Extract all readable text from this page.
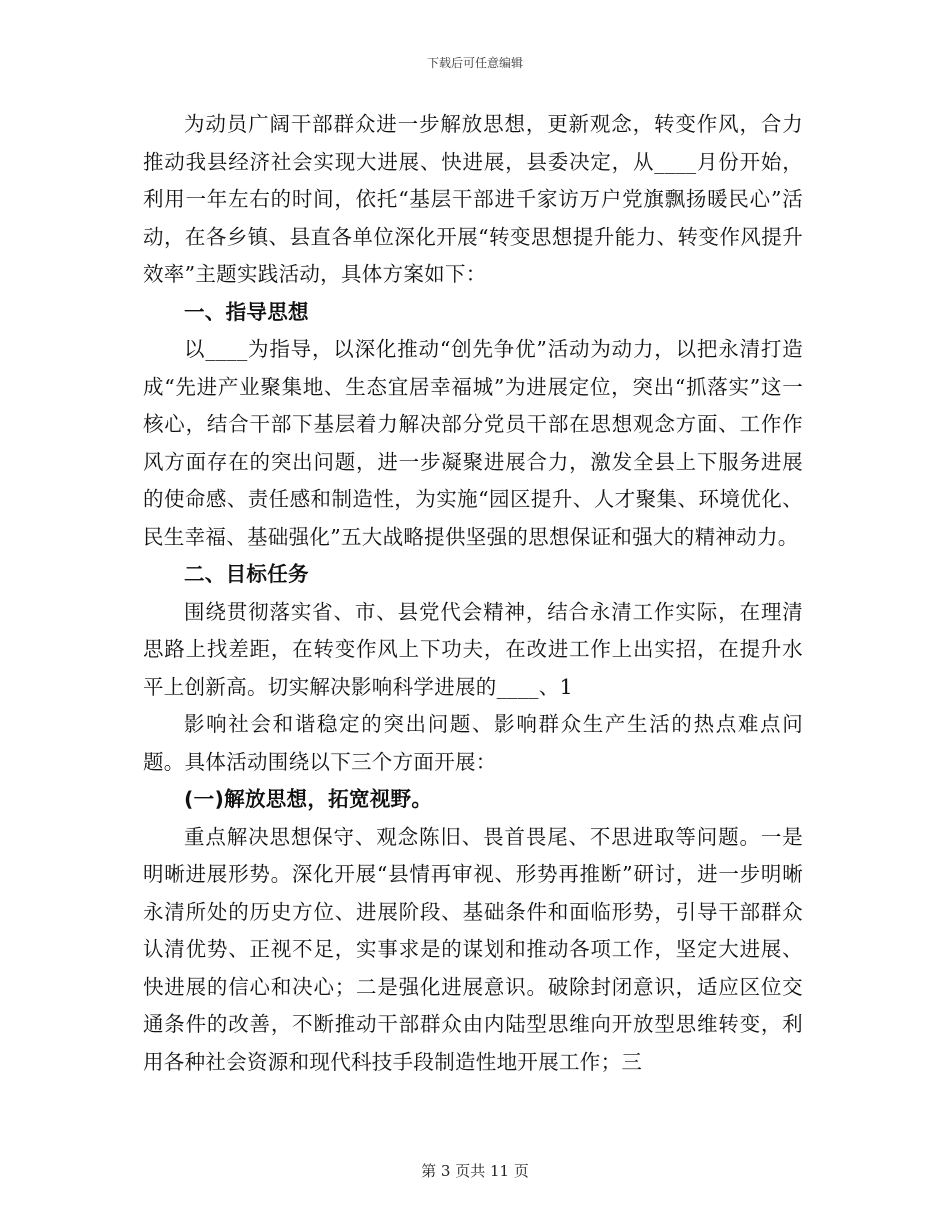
下载后可任意编辑

为动员广阔干部群众进一步解放思想，更新观念，转变作风，合力推动我县经济社会实现大进展、快进展，县委决定，从____月份开始，利用一年左右的时间，依托“基层干部进千家访万户党旗飘扬暖民心”活动，在各乡镇、县直各单位深化开展“转变思想提升能力、转变作风提升效率”主题实践活动，具体方案如下：

一、指导思想

以____为指导，以深化推动“创先争优”活动为动力，以把永清打造成“先进产业聚集地、生态宜居幸福城”为进展定位，突出“抓落实”这一核心，结合干部下基层着力解决部分党员干部在思想观念方面、工作作风方面存在的突出问题，进一步凝聚进展合力，激发全县上下服务进展的使命感、责任感和制造性，为实施“园区提升、人才聚集、环境优化、民生幸福、基础强化”五大战略提供坚强的思想保证和强大的精神动力。

二、目标任务

围绕贯彻落实省、市、县党代会精神，结合永清工作实际，在理清思路上找差距，在转变作风上下功夫，在改进工作上出实招，在提升水平上创新高。切实解决影响科学进展的____、1

影响社会和谐稳定的突出问题、影响群众生产生活的热点难点问题。具体活动围绕以下三个方面开展：

(一)解放思想，拓宽视野。

重点解决思想保守、观念陈旧、畏首畏尾、不思进取等问题。一是明晰进展形势。深化开展“县情再审视、形势再推断”研讨，进一步明晰永清所处的历史方位、进展阶段、基础条件和面临形势，引导干部群众认清优势、正视不足，实事求是的谋划和推动各项工作，坚定大进展、快进展的信心和决心；二是强化进展意识。破除封闭意识，适应区位交通条件的改善，不断推动干部群众由内陆型思维向开放型思维转变，利用各种社会资源和现代科技手段制造性地开展工作；三

第 3 页共 11 页
